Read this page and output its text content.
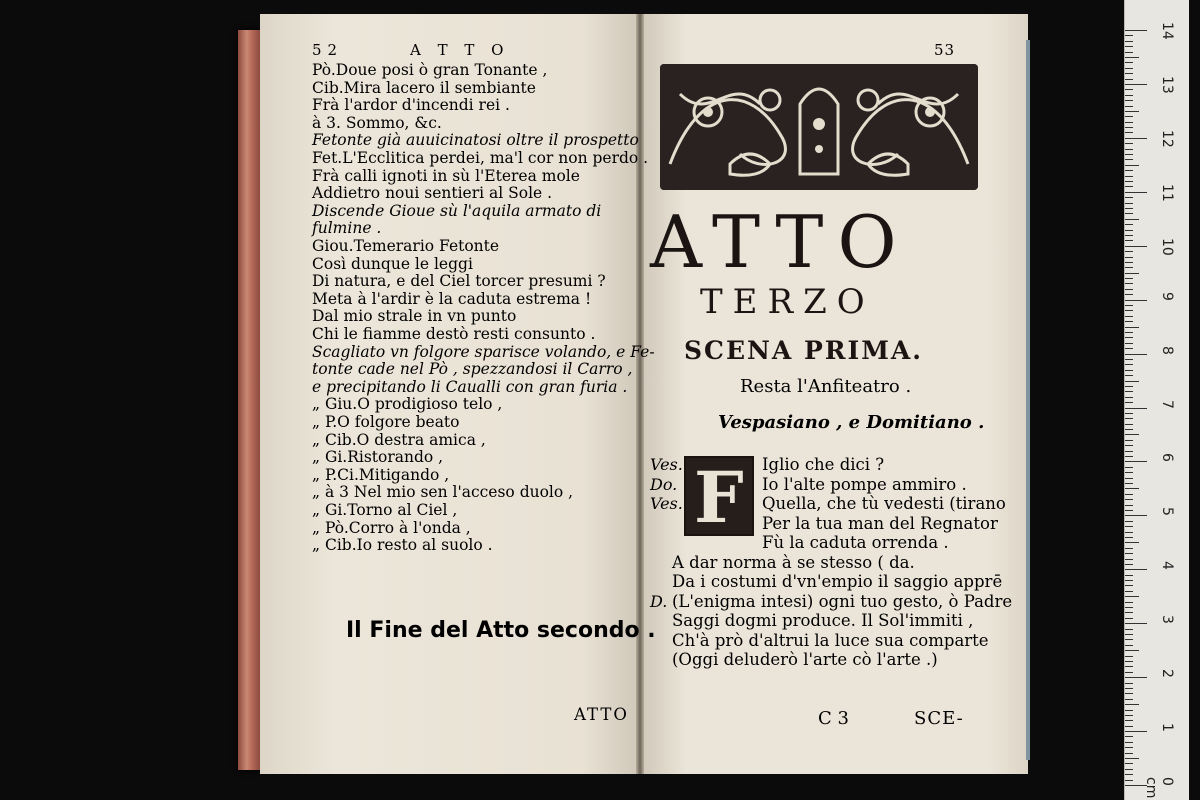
52	A T T O
Pò.Doue posi ò gran Tonante ,
Cib.Mira lacero il sembiante
Frà l'ardor d'incendi rei .
à 3. Sommo, &c.
Fetonte già auuicinatosi oltre il prospetto
Fet.L'Ecclitica perdei, ma'l cor non perdo .
Frà calli ignoti in sù l'Eterea mole
Addietro noui sentieri al Sole .
Discende Gioue sù l'aquila armato di
fulmine .
Giou.Temerario Fetonte
Così dunque le leggi
Di natura, e del Ciel torcer presumi ?
Meta à l'ardir è la caduta estrema !
Dal mio strale in vn punto
Chi le fiamme destò resti consunto .
Scagliato vn folgore sparisce volando, e Fe-
tonte cade nel Pò , spezzandosi il Carro ,
e precipitando li Caualli con gran furia .
„ Giu.O prodigioso telo ,
„ P.O folgore beato
„ Cib.O destra amica ,
„ Gi.Ristorando ,
„ P.Ci.Mitigando ,
„ à 3 Nel mio sen l'acceso duolo ,
„ Gi.Torno al Ciel ,
„ Pò.Corro à l'onda ,
„ Cib.Io resto al suolo .
Il Fine del Atto secondo .
ATTO
53
ATTO
TERZO
SCENA PRIMA.
Resta l'Anfiteatro .
Vespasiano , e Domitiano .
F
Ves.	Iglio che dici ?
Do.	Io l'alte pompe ammiro .
Ves.	Quella, che tù vedesti (tirano
Per la tua man del Regnator
Fù la caduta orrenda .
A dar norma à se stesso ( da.
Da i costumi d'vn'empio il saggio apprē
D. (L'enigma intesi) ogni tuo gesto, ò Padre
Saggi dogmi produce. Il Sol'immiti ,
Ch'à prò d'altrui la luce sua comparte
(Oggi deluderò l'arte cò l'arte .)
C 3	SCE-
14
13
12
11
10
9
8
7
6
5
4
3
2
1
0 cm
